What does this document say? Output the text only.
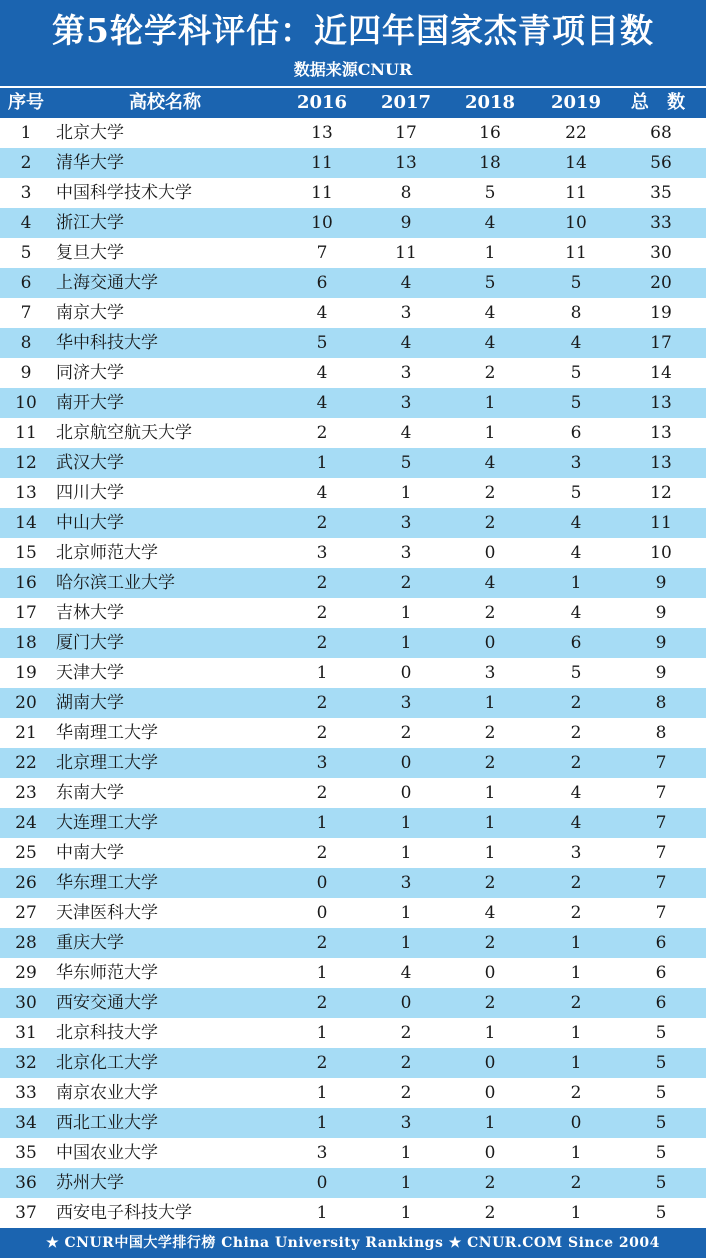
第5轮学科评估：近四年国家杰青项目数
数据来源CNUR
序号	高校名称	2016	2017	2018	2019	总 数
1	北京大学	13	17	16	22	68
2	清华大学	11	13	18	14	56
3	中国科学技术大学	11	8	5	11	35
4	浙江大学	10	9	4	10	33
5	复旦大学	7	11	1	11	30
6	上海交通大学	6	4	5	5	20
7	南京大学	4	3	4	8	19
8	华中科技大学	5	4	4	4	17
9	同济大学	4	3	2	5	14
10	南开大学	4	3	1	5	13
11	北京航空航天大学	2	4	1	6	13
12	武汉大学	1	5	4	3	13
13	四川大学	4	1	2	5	12
14	中山大学	2	3	2	4	11
15	北京师范大学	3	3	0	4	10
16	哈尔滨工业大学	2	2	4	1	9
17	吉林大学	2	1	2	4	9
18	厦门大学	2	1	0	6	9
19	天津大学	1	0	3	5	9
20	湖南大学	2	3	1	2	8
21	华南理工大学	2	2	2	2	8
22	北京理工大学	3	0	2	2	7
23	东南大学	2	0	1	4	7
24	大连理工大学	1	1	1	4	7
25	中南大学	2	1	1	3	7
26	华东理工大学	0	3	2	2	7
27	天津医科大学	0	1	4	2	7
28	重庆大学	2	1	2	1	6
29	华东师范大学	1	4	0	1	6
30	西安交通大学	2	0	2	2	6
31	北京科技大学	1	2	1	1	5
32	北京化工大学	2	2	0	1	5
33	南京农业大学	1	2	0	2	5
34	西北工业大学	1	3	1	0	5
35	中国农业大学	3	1	0	1	5
36	苏州大学	0	1	2	2	5
37	西安电子科技大学	1	1	2	1	5
★ CNUR中国大学排行榜 China University Rankings ★ CNUR.COM Since 2004
